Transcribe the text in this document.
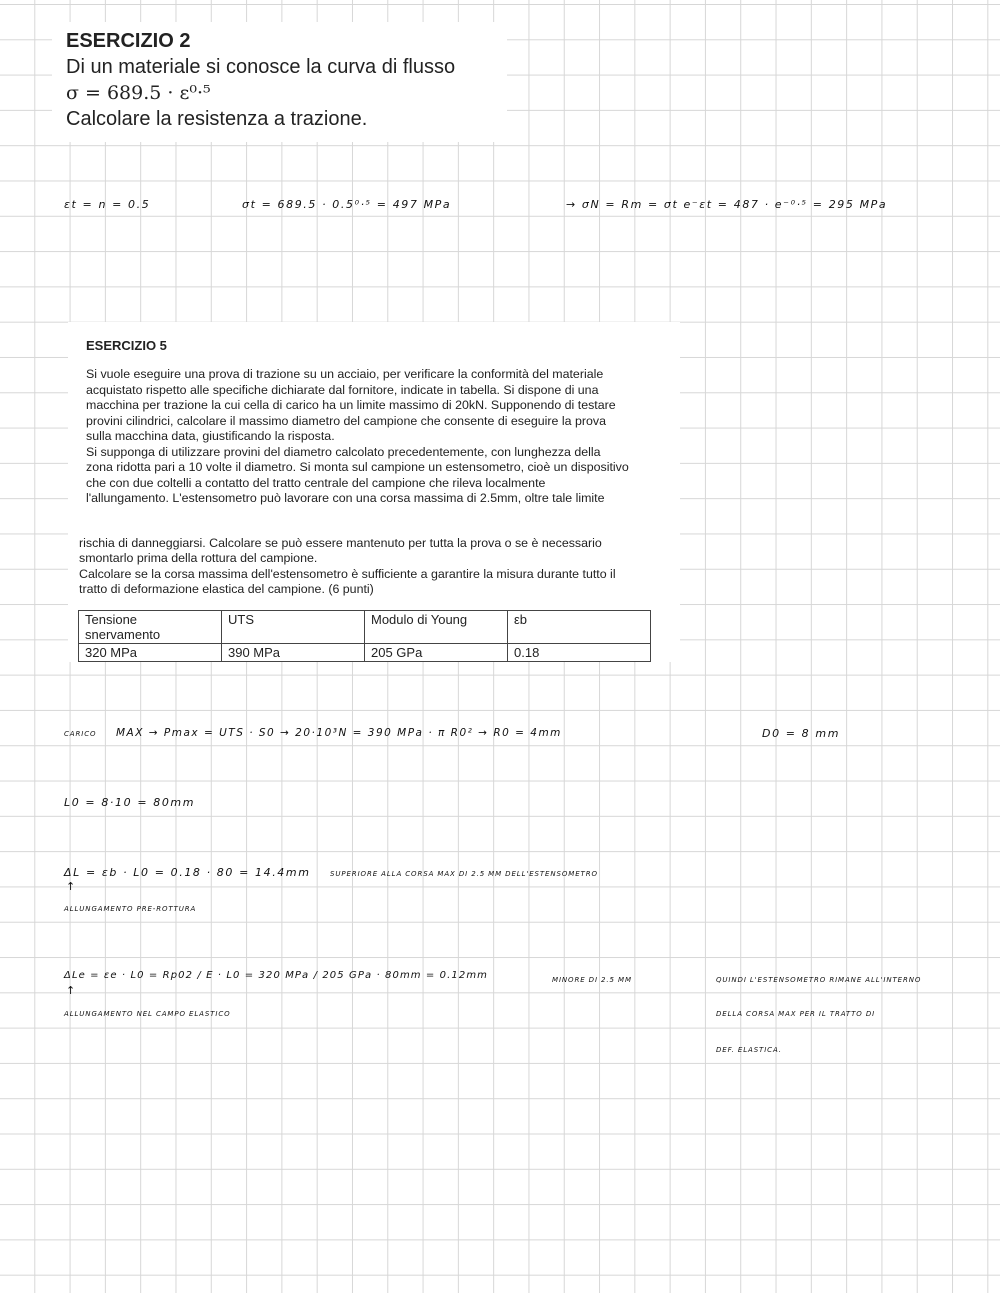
ESERCIZIO 2
Di un materiale si conosce la curva di flusso
σ = 689.5 · ε⁰·⁵
Calcolare la resistenza a trazione.
εt = n = 0.5	σt = 689.5 · 0.5⁰·⁵ = 497 MPa	→ σN = Rm = σt e⁻εt = 487 · e⁻⁰·⁵ = 295 MPa
ESERCIZIO 5
Si vuole eseguire una prova di trazione su un acciaio, per verificare la conformità del materiale
acquistato rispetto alle specifiche dichiarate dal fornitore, indicate in tabella. Si dispone di una
macchina per trazione la cui cella di carico ha un limite massimo di 20kN. Supponendo di testare
provini cilindrici, calcolare il massimo diametro del campione che consente di eseguire la prova
sulla macchina data, giustificando la risposta.
Si supponga di utilizzare provini del diametro calcolato precedentemente, con lunghezza della
zona ridotta pari a 10 volte il diametro. Si monta sul campione un estensometro, cioè un dispositivo
che con due coltelli a contatto del tratto centrale del campione che rileva localmente
l'allungamento. L'estensometro può lavorare con una corsa massima di 2.5mm, oltre tale limite
rischia di danneggiarsi. Calcolare se può essere mantenuto per tutta la prova o se è necessario
smontarlo prima della rottura del campione.
Calcolare se la corsa massima dell'estensometro è sufficiente a garantire la misura durante tutto il
tratto di deformazione elastica del campione. (6 punti)
Tensione snervamento	UTS	Modulo di Young	εb
320 MPa	390 MPa	205 GPa	0.18
CARICO MAX → Pmax = UTS · S0 → 20·10³N = 390 MPa · π R0² → R0 = 4mm	D0 = 8 mm
L0 = 8·10 = 80mm
ΔL = εb · L0 = 0.18 · 80 = 14.4mm	SUPERIORE ALLA CORSA MAX DI 2.5 MM DELL'ESTENSOMETRO
↑
ALLUNGAMENTO PRE-ROTTURA
ΔLe = εe · L0 = Rp02 / E · L0 = 320 MPa / 205 GPa · 80mm = 0.12mm	MINORE DI 2.5 MM	QUINDI L'ESTENSOMETRO RIMANE ALL'INTERNO
DELLA CORSA MAX PER IL TRATTO DI
DEF. ELASTICA.
↑
ALLUNGAMENTO NEL CAMPO ELASTICO
